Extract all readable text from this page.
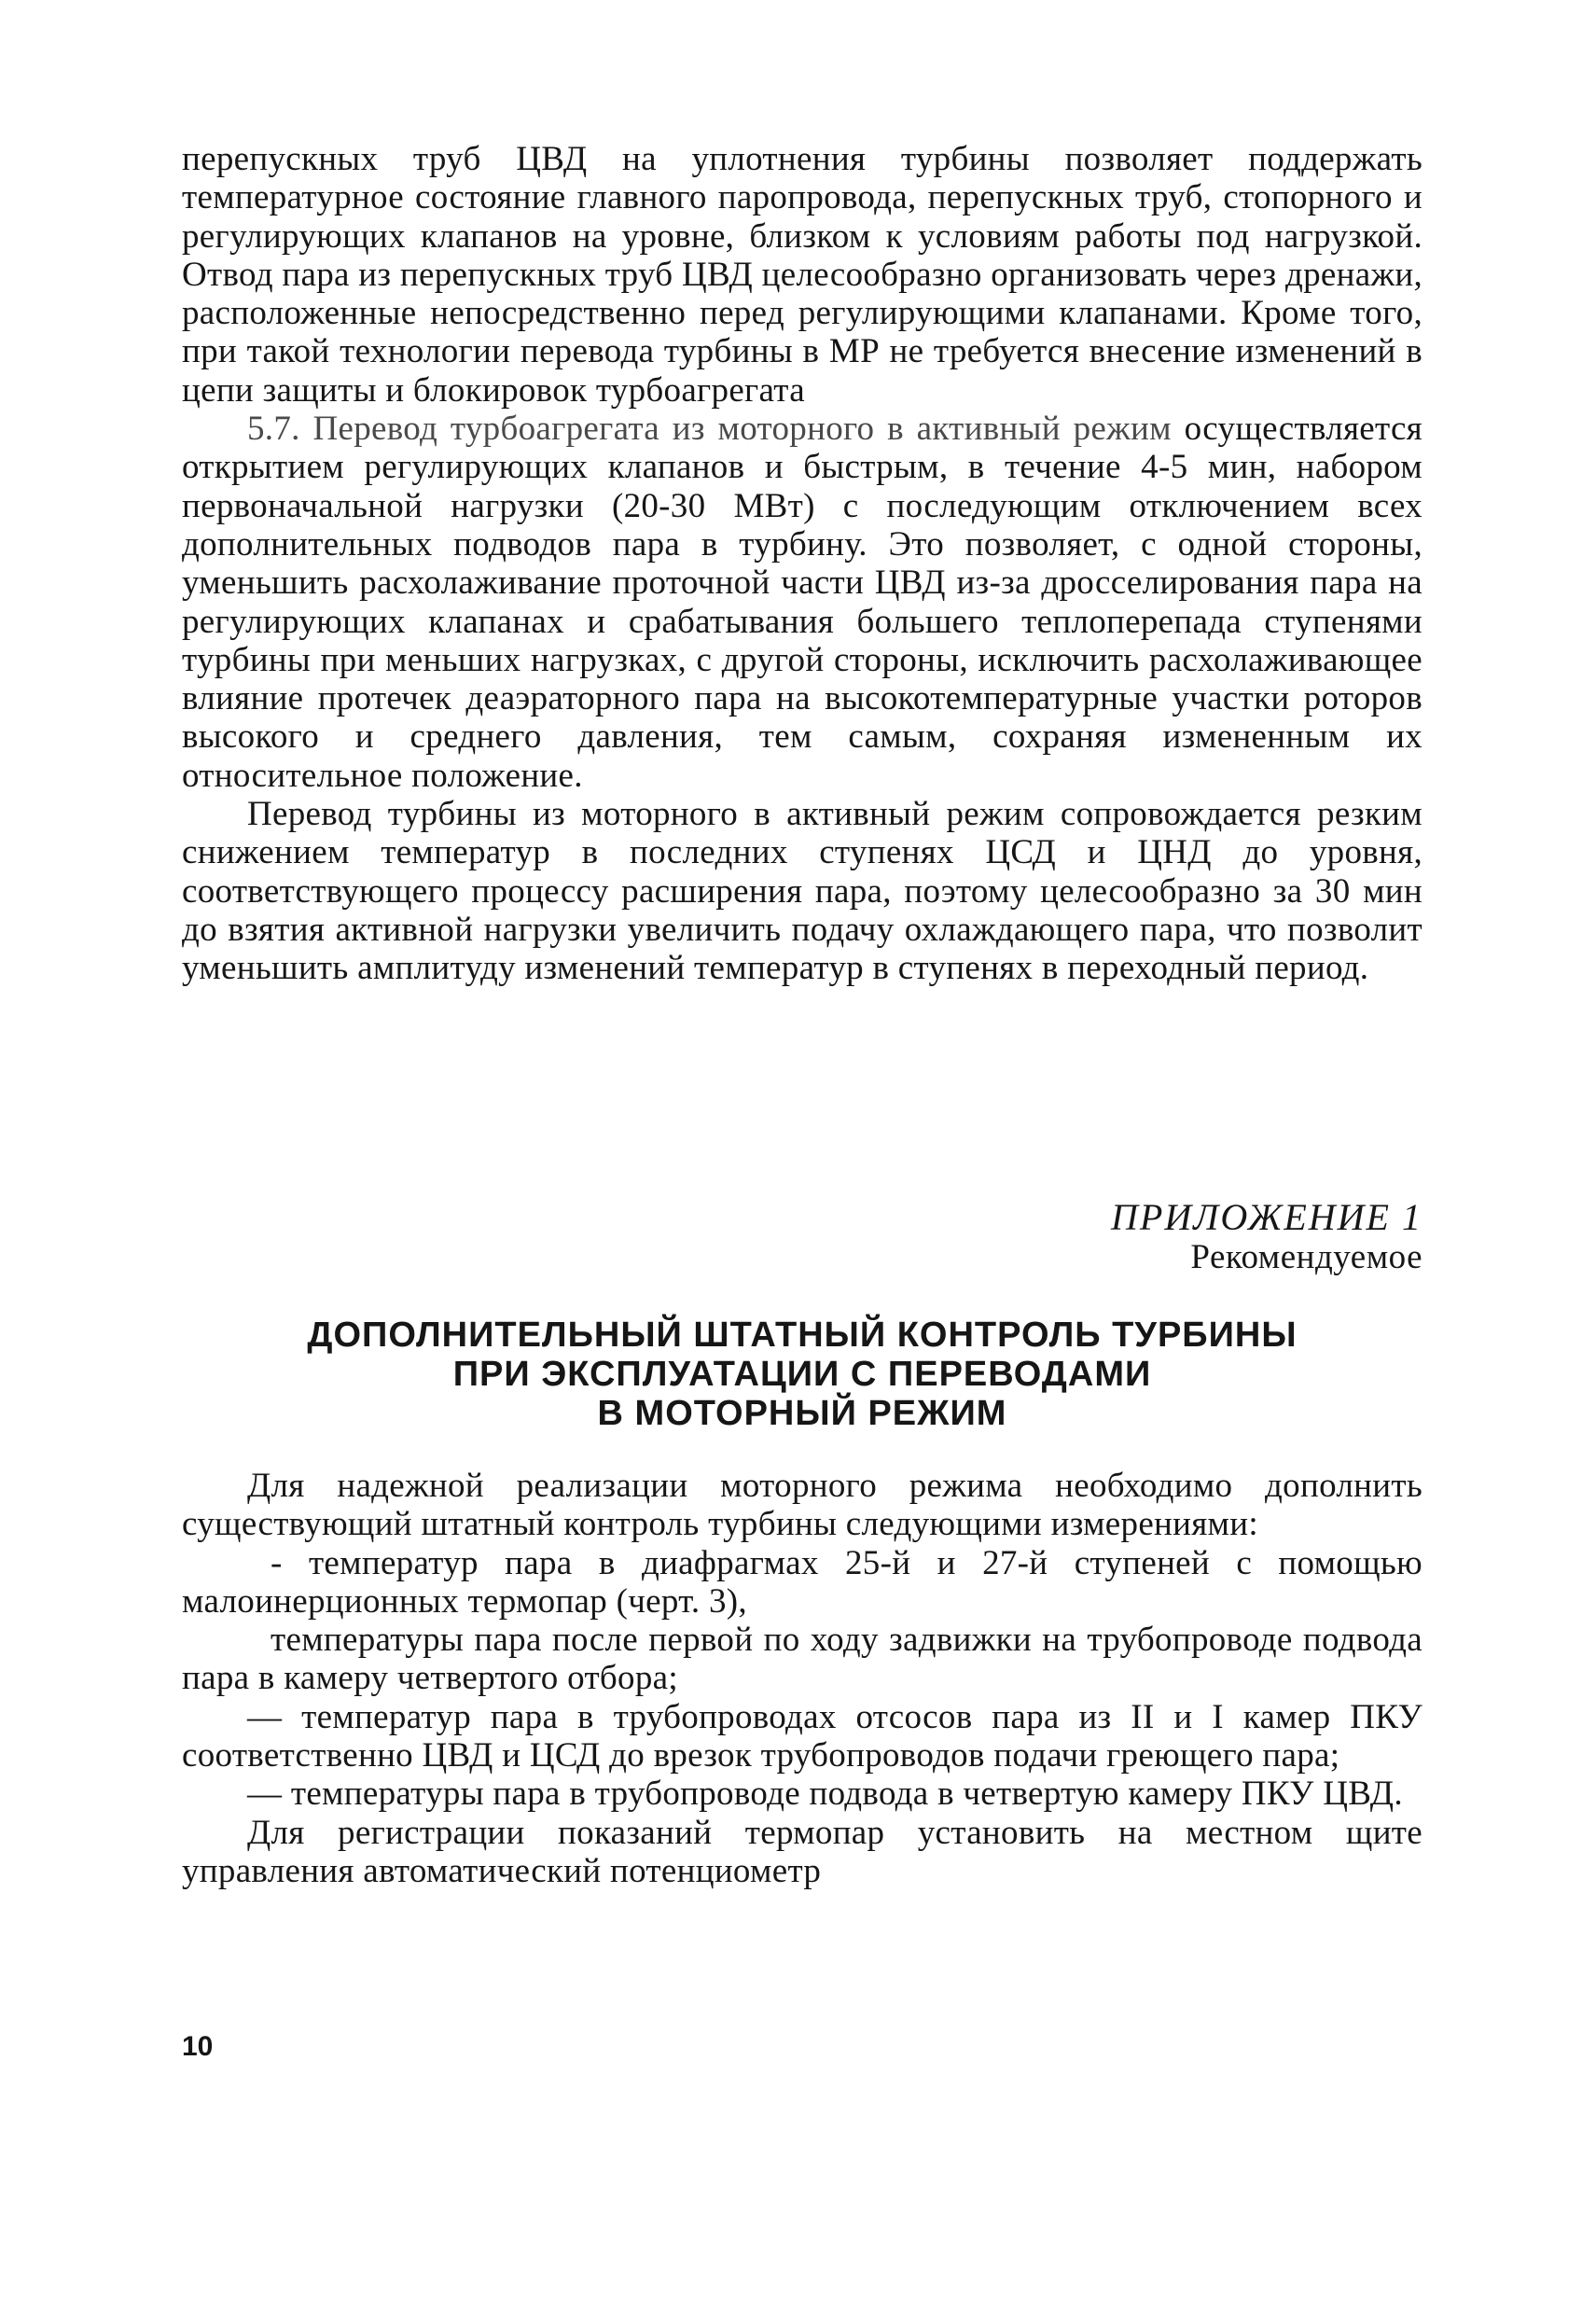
перепускных труб ЦВД на уплотнения турбины позволяет поддержать температурное состояние главного паропровода, перепускных труб, стопорного и регулирующих клапанов на уровне, близком к условиям работы под нагрузкой. Отвод пара из перепускных труб ЦВД целесообразно организовать через дренажи, расположенные непосредственно перед регулирующими клапанами. Кроме того, при такой технологии перевода турбины в МР не требуется внесение изменений в цепи защиты и блокировок турбоагрегата

5.7. Перевод турбоагрегата из моторного в активный режим осуществляется открытием регулирующих клапанов и быстрым, в течение 4-5 мин, набором первоначальной нагрузки (20-30 МВт) с последующим отключением всех дополнительных подводов пара в турбину. Это позволяет, с одной стороны, уменьшить расхолаживание проточной части ЦВД из-за дросселирования пара на регулирующих клапанах и срабатывания большего теплоперепада ступенями турбины при меньших нагрузках, с другой стороны, исключить расхолаживающее влияние протечек деаэраторного пара на высокотемпературные участки роторов высокого и среднего давления, тем самым, сохраняя измененным их относительное положение.

Перевод турбины из моторного в активный режим сопровождается резким снижением температур в последних ступенях ЦСД и ЦНД до уровня, соответствующего процессу расширения пара, поэтому целесообразно за 30 мин до взятия активной нагрузки увеличить подачу охлаждающего пара, что позволит уменьшить амплитуду изменений температур в ступенях в переходный период.

ПРИЛОЖЕНИЕ 1

Рекомендуемое

ДОПОЛНИТЕЛЬНЫЙ ШТАТНЫЙ КОНТРОЛЬ ТУРБИНЫ
ПРИ ЭКСПЛУАТАЦИИ С ПЕРЕВОДАМИ
В МОТОРНЫЙ РЕЖИМ

Для надежной реализации моторного режима необходимо дополнить существующий штатный контроль турбины следующими измерениями:

- температур пара в диафрагмах 25-й и 27-й ступеней с помощью малоинерционных термопар (черт. 3),

температуры пара после первой по ходу задвижки на трубопроводе подвода пара в камеру четвертого отбора;

— температур пара в трубопроводах отсосов пара из II и I камер ПКУ соответственно ЦВД и ЦСД до врезок трубопроводов подачи греющего пара;

— температуры пара в трубопроводе подвода в четвертую камеру ПКУ ЦВД.

Для регистрации показаний термопар установить на местном щите управления автоматический потенциометр

10
